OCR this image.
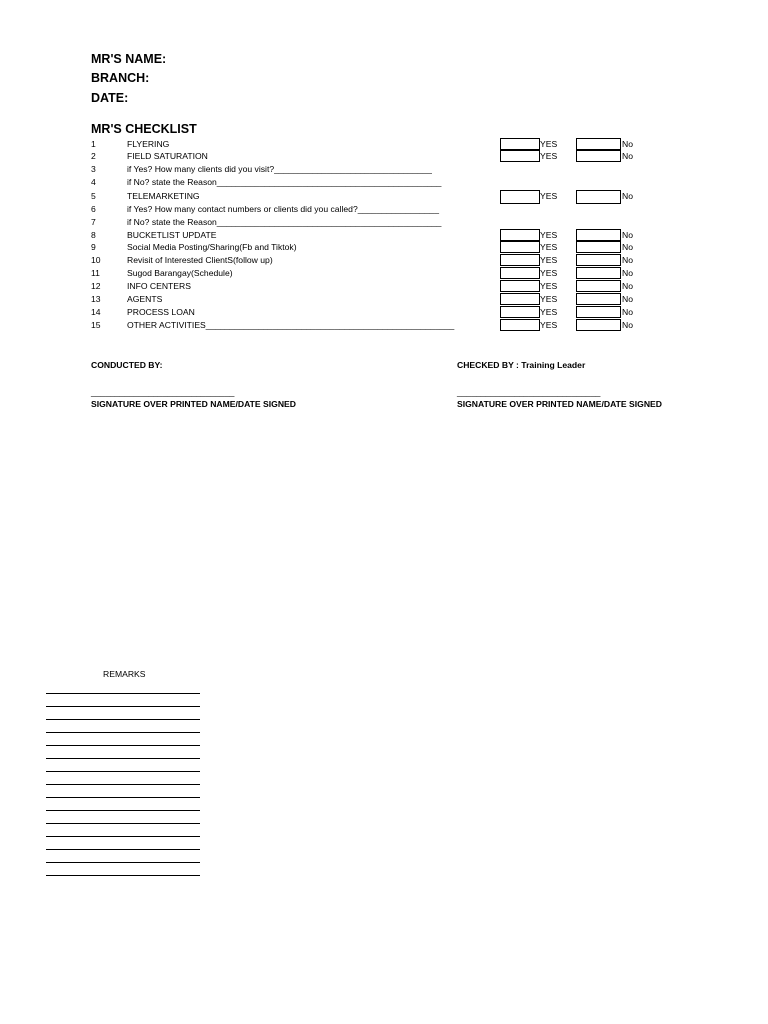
MR'S NAME:
BRANCH:
DATE:
MR'S CHECKLIST
1	FLYERING	YES	No
2	FIELD SATURATION	YES	No
3	if Yes? How many clients did you visit?_________________________________
4	if No? state the Reason_______________________________________________
5	TELEMARKETING	YES	No
6	if Yes? How many contact numbers or clients did you called?_________________
7	if No? state the Reason_______________________________________________
8	BUCKETLIST UPDATE	YES	No
9	Social Media Posting/Sharing(Fb and Tiktok)	YES	No
10	Revisit of Interested ClientS(follow up)	YES	No
11	Sugod Barangay(Schedule)	YES	No
12	INFO CENTERS	YES	No
13	AGENTS	YES	No
14	PROCESS LOAN	YES	No
15	OTHER ACTIVITIES____________________________________________________	YES	No
CONDUCTED BY:	CHECKED BY : Training Leader
______________________________	______________________________
SIGNATURE OVER PRINTED NAME/DATE SIGNED	SIGNATURE OVER PRINTED NAME/DATE SIGNED
REMARKS
